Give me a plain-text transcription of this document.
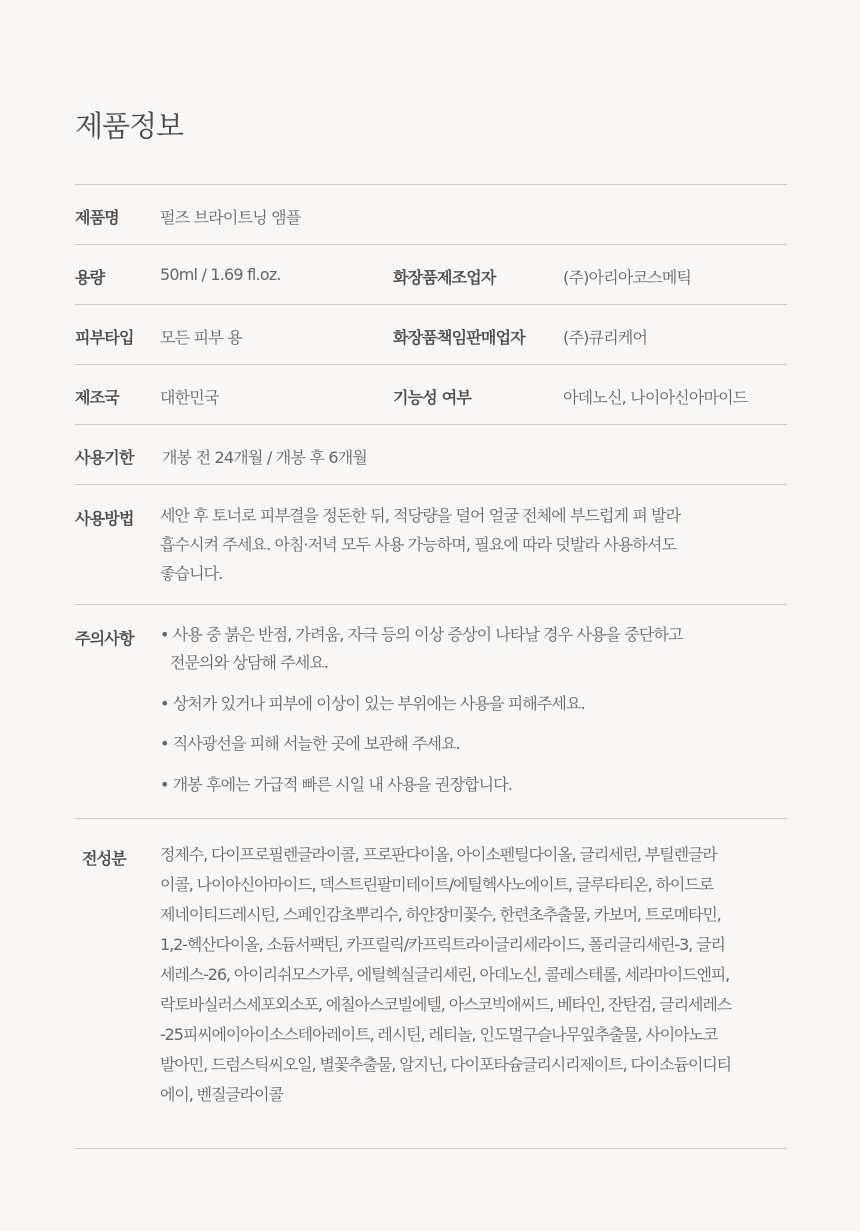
제품정보
제품명	펄즈 브라이트닝 앰플
용량	50ml / 1.69 fl.oz.	화장품제조업자	(주)아리아코스메틱
피부타입 모든 피부 용	화장품책임판매업자 (주)큐리케어
제조국	대한민국	기능성 여부	아데노신, 나이아신아마이드
사용기한 개봉 전 24개월 / 개봉 후 6개월
사용방법 세안 후 토너로 피부결을 정돈한 뒤, 적당량을 덜어 얼굴 전체에 부드럽게 펴 발라
흡수시켜 주세요. 아침·저녁 모두 사용 가능하며, 필요에 따라 덧발라 사용하셔도
좋습니다.
주의사항 • 사용 중 붉은 반점, 가려움, 자극 등의 이상 증상이 나타날 경우 사용을 중단하고
전문의와 상담해 주세요.
• 상처가 있거나 피부에 이상이 있는 부위에는 사용을 피해주세요.
• 직사광선을 피해 서늘한 곳에 보관해 주세요.
• 개봉 후에는 가급적 빠른 시일 내 사용을 권장합니다.
전성분 정제수, 다이프로필렌글라이콜, 프로판다이올, 아이소펜틸다이올, 글리세린, 부틸렌글라
이콜, 나이아신아마이드, 덱스트린팔미테이트/에틸헥사노에이트, 글루타티온, 하이드로
제네이티드레시틴, 스페인감초뿌리수, 하얀장미꽃수, 한련초추출물, 카보머, 트로메타민,
1,2-헥산다이올, 소듐서팩틴, 카프릴릭/카프릭트라이글리세라이드, 폴리글리세린-3, 글리
세레스-26, 아이리쉬모스가루, 에틸헥실글리세린, 아데노신, 콜레스테롤, 세라마이드엔피,
락토바실러스세포외소포, 에칠아스코빌에텔, 아스코빅애씨드, 베타인, 잔탄검, 글리세레스
-25피씨에이아이소스테아레이트, 레시틴, 레티놀, 인도멀구슬나무잎추출물, 사이아노코
발아민, 드럼스틱씨오일, 별꽃추출물, 알지닌, 다이포타슘글리시리제이트, 다이소듐이디티
에이, 벤질글라이콜
